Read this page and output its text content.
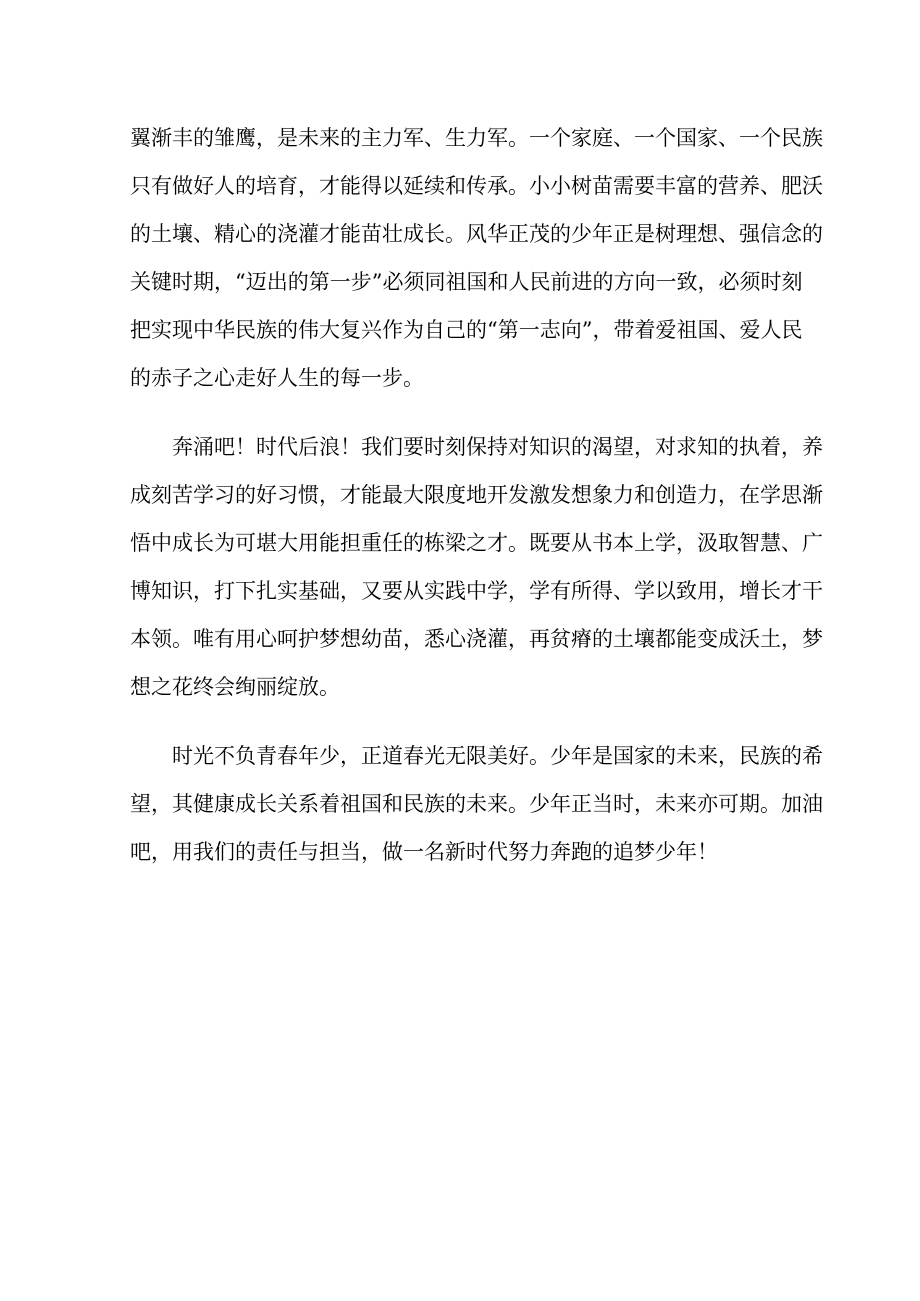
翼渐丰的雏鹰，是未来的主力军、生力军。一个家庭、一个国家、一个民族
只有做好人的培育，才能得以延续和传承。小小树苗需要丰富的营养、肥沃
的土壤、精心的浇灌才能苗壮成长。风华正茂的少年正是树理想、强信念的
关键时期，“迈出的第一步”必须同祖国和人民前进的方向一致，必须时刻
把实现中华民族的伟大复兴作为自己的“第一志向”，带着爱祖国、爱人民
的赤子之心走好人生的每一步。

奔涌吧！时代后浪！我们要时刻保持对知识的渴望，对求知的执着，养
成刻苦学习的好习惯，才能最大限度地开发激发想象力和创造力，在学思渐
悟中成长为可堪大用能担重任的栋梁之才。既要从书本上学，汲取智慧、广
博知识，打下扎实基础，又要从实践中学，学有所得、学以致用，增长才干
本领。唯有用心呵护梦想幼苗，悉心浇灌，再贫瘠的土壤都能变成沃土，梦
想之花终会绚丽绽放。

时光不负青春年少，正道春光无限美好。少年是国家的未来，民族的希
望，其健康成长关系着祖国和民族的未来。少年正当时，未来亦可期。加油
吧，用我们的责任与担当，做一名新时代努力奔跑的追梦少年！
